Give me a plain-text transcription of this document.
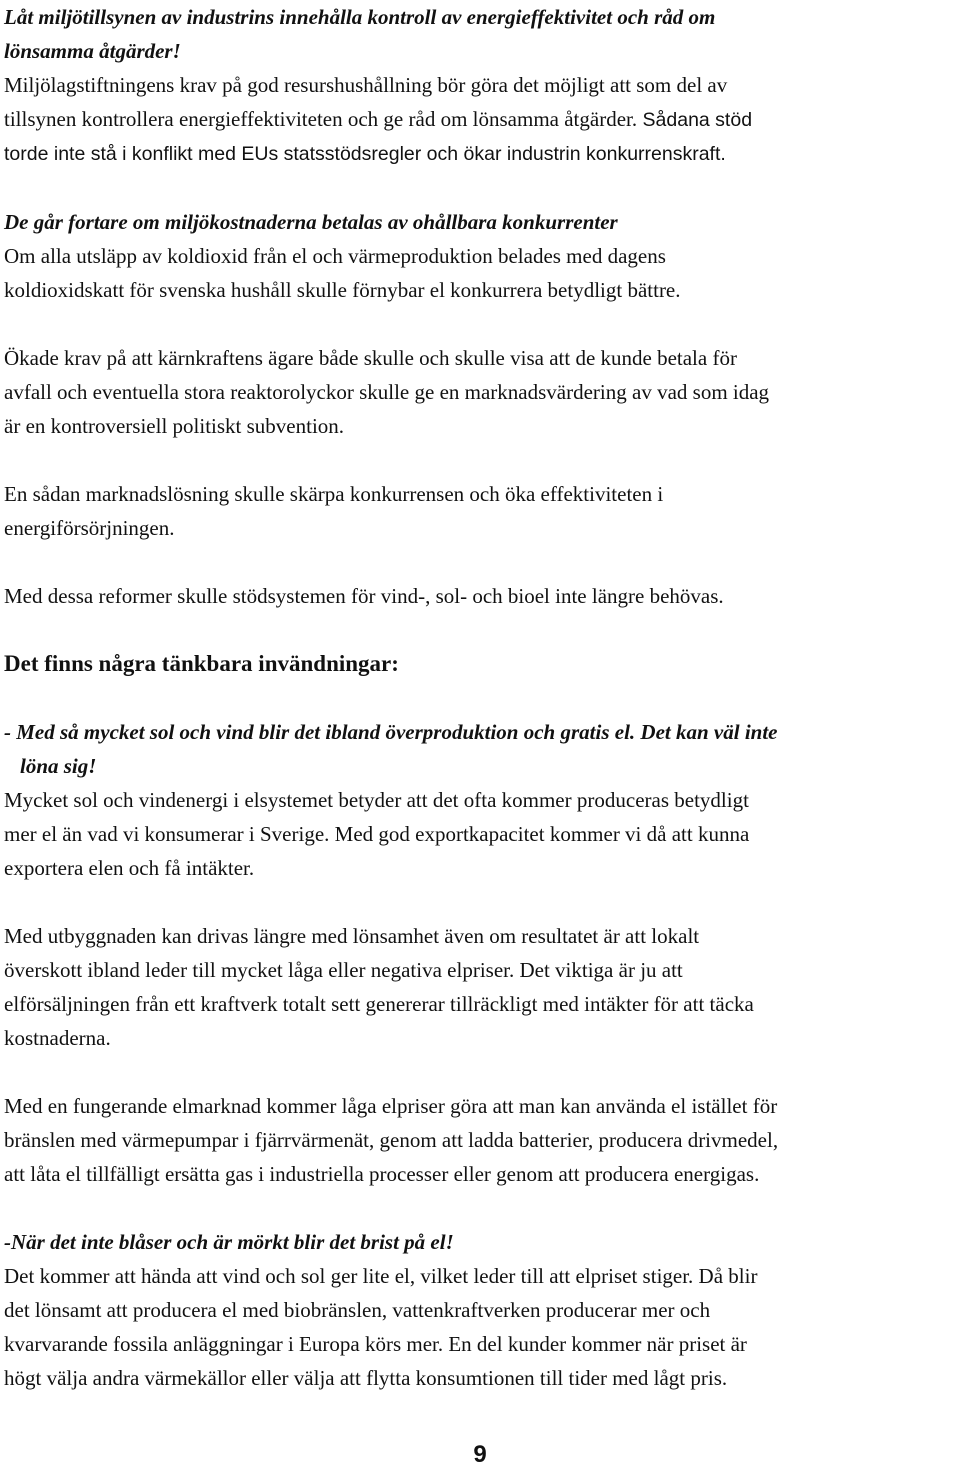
Låt miljötillsynen av industrins innehålla kontroll av energieffektivitet och råd om
lönsamma åtgärder!
Miljölagstiftningens krav på god resurshushållning bör göra det möjligt att som del av
tillsynen kontrollera energieffektiviteten och ge råd om lönsamma åtgärder. Sådana stöd
torde inte stå i konflikt med EUs statsstödsregler och ökar industrin konkurrenskraft.
De går fortare om miljökostnaderna betalas av ohållbara konkurrenter
Om alla utsläpp av koldioxid från el och värmeproduktion belades med dagens
koldioxidskatt för svenska hushåll skulle förnybar el konkurrera betydligt bättre.
Ökade krav på att kärnkraftens ägare både skulle och skulle visa att de kunde betala för
avfall och eventuella stora reaktorolyckor skulle ge en marknadsvärdering av vad som idag
är en kontroversiell politiskt subvention.
En sådan marknadslösning skulle skärpa konkurrensen och öka effektiviteten i
energiförsörjningen.
Med dessa reformer skulle stödsystemen för vind-, sol- och bioel inte längre behövas.
Det finns några tänkbara invändningar:
- Med så mycket sol och vind blir det ibland överproduktion och gratis el. Det kan väl inte
löna sig!
Mycket sol och vindenergi i elsystemet betyder att det ofta kommer produceras betydligt
mer el än vad vi konsumerar i Sverige. Med god exportkapacitet kommer vi då att kunna
exportera elen och få intäkter.
Med utbyggnaden kan drivas längre med lönsamhet även om resultatet är att lokalt
överskott ibland leder till mycket låga eller negativa elpriser. Det viktiga är ju att
elförsäljningen från ett kraftverk totalt sett genererar tillräckligt med intäkter för att täcka
kostnaderna.
Med en fungerande elmarknad kommer låga elpriser göra att man kan använda el istället för
bränslen med värmepumpar i fjärrvärmenät, genom att ladda batterier, producera drivmedel,
att låta el tillfälligt ersätta gas i industriella processer eller genom att producera energigas.
-När det inte blåser och är mörkt blir det brist på el!
Det kommer att hända att vind och sol ger lite el, vilket leder till att elpriset stiger. Då blir
det lönsamt att producera el med biobränslen, vattenkraftverken producerar mer och
kvarvarande fossila anläggningar i Europa körs mer. En del kunder kommer när priset är
högt välja andra värmekällor eller välja att flytta konsumtionen till tider med lågt pris.
9
